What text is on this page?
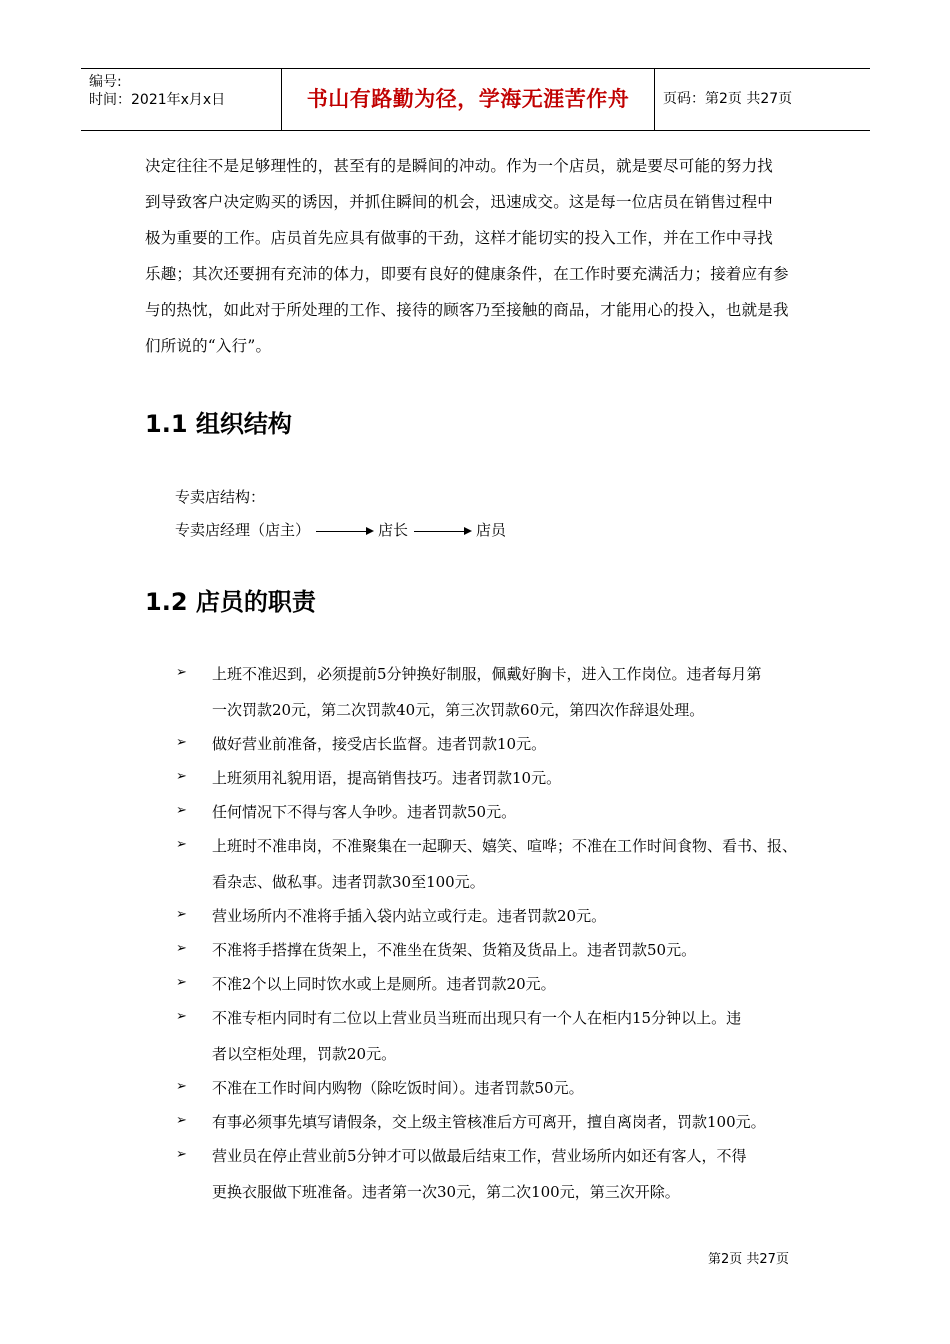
编号:
时间：2021年x月x日	书山有路勤为径，学海无涯苦作舟	页码：第2页 共27页

决定往往不是足够理性的，甚至有的是瞬间的冲动。作为一个店员，就是要尽可能的努力找

到导致客户决定购买的诱因，并抓住瞬间的机会，迅速成交。这是每一位店员在销售过程中

极为重要的工作。店员首先应具有做事的干劲，这样才能切实的投入工作，并在工作中寻找

乐趣；其次还要拥有充沛的体力，即要有良好的健康条件，在工作时要充满活力；接着应有参

与的热忱，如此对于所处理的工作、接待的顾客乃至接触的商品，才能用心的投入，也就是我

们所说的“入行”。

1.1 组织结构
专卖店结构：
专卖店经理（店主）	店长	店员
1.2 店员的职责
➢ 上班不准迟到，必须提前5分钟换好制服，佩戴好胸卡，进入工作岗位。违者每月第
一次罚款20元，第二次罚款40元，第三次罚款60元，第四次作辞退处理。
➢ 做好营业前准备，接受店长监督。违者罚款10元。
➢ 上班须用礼貌用语，提高销售技巧。违者罚款10元。
➢ 任何情况下不得与客人争吵。违者罚款50元。
➢ 上班时不准串岗，不准聚集在一起聊天、嬉笑、喧哗；不准在工作时间食物、看书、报、
看杂志、做私事。违者罚款30至100元。
➢ 营业场所内不准将手插入袋内站立或行走。违者罚款20元。
➢ 不准将手搭撑在货架上，不准坐在货架、货箱及货品上。违者罚款50元。
➢ 不准2个以上同时饮水或上是厕所。违者罚款20元。
➢ 不准专柜内同时有二位以上营业员当班而出现只有一个人在柜内15分钟以上。违
者以空柜处理，罚款20元。
➢ 不准在工作时间内购物（除吃饭时间）。违者罚款50元。
➢ 有事必须事先填写请假条，交上级主管核准后方可离开，擅自离岗者，罚款100元。
➢ 营业员在停止营业前5分钟才可以做最后结束工作，营业场所内如还有客人，不得
更换衣服做下班准备。违者第一次30元，第二次100元，第三次开除。
第2页 共27页
